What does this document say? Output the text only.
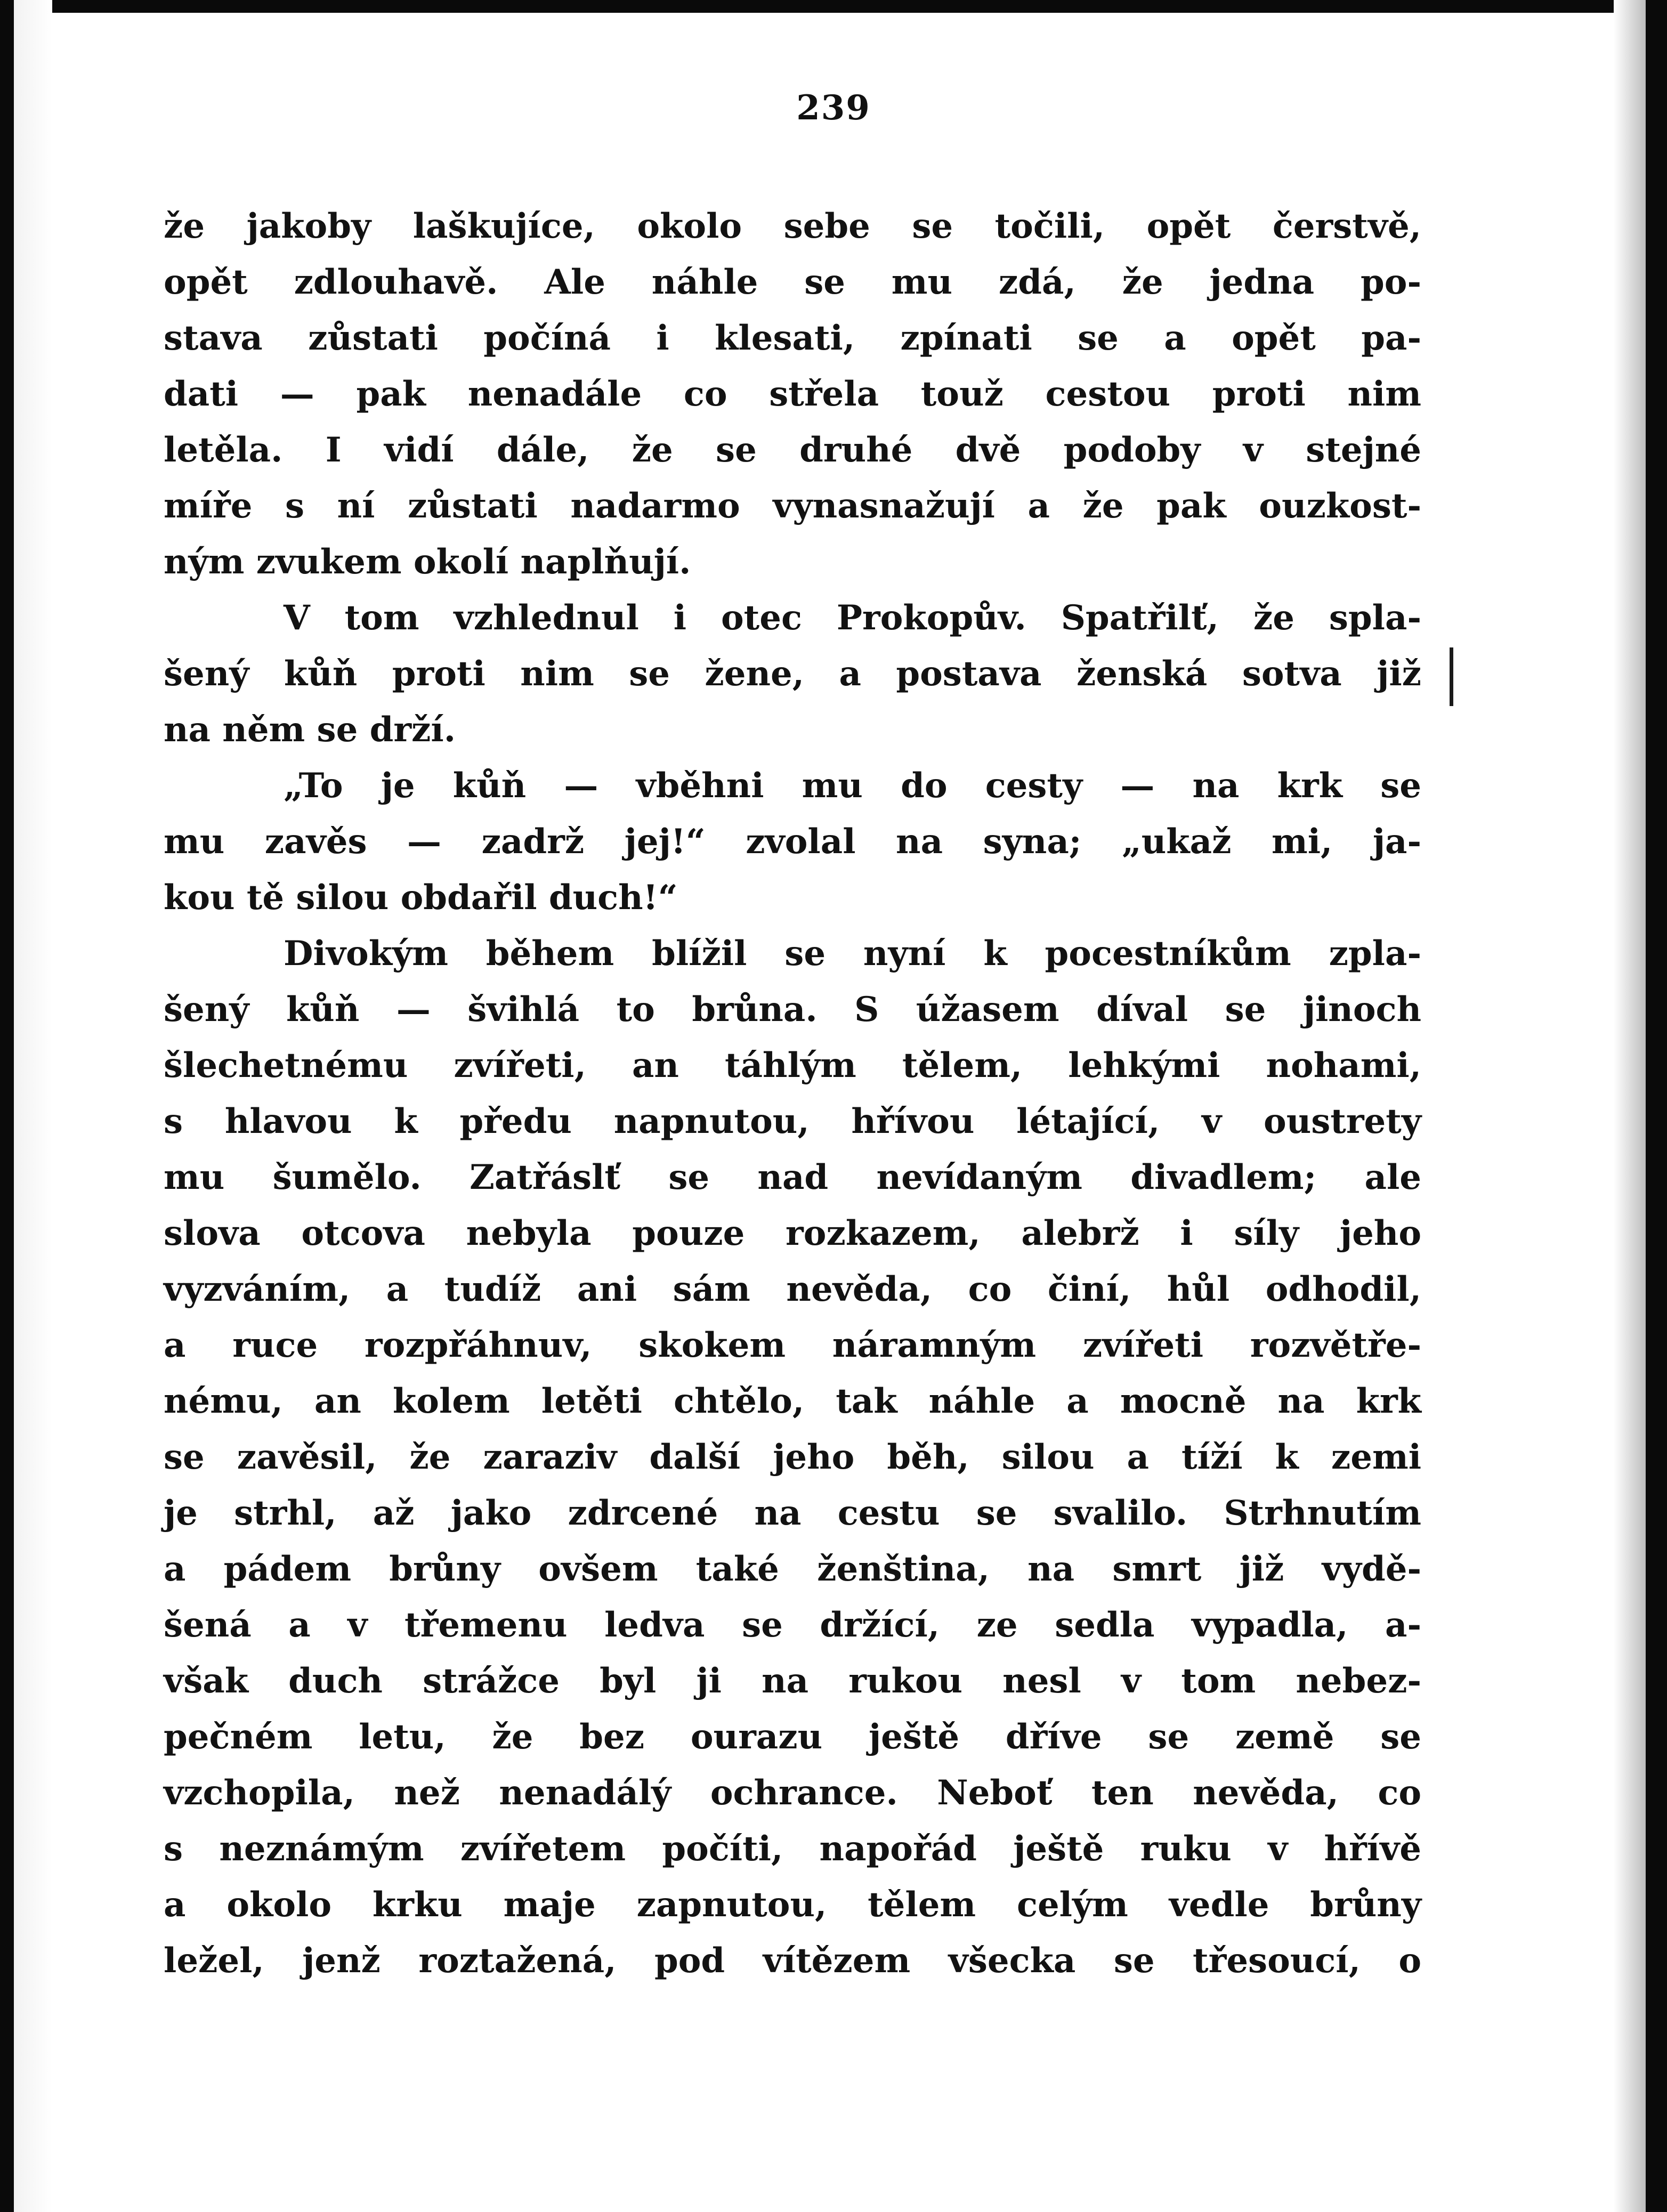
239
že jakoby laškujíce, okolo sebe se točili, opět čerstvě,
opět zdlouhavě. Ale náhle se mu zdá, že jedna po-
stava zůstati počíná i klesati, zpínati se a opět pa-
dati — pak nenadále co střela touž cestou proti nim
letěla. I vidí dále, že se druhé dvě podoby v stejné
míře s ní zůstati nadarmo vynasnažují a že pak ouzkost-
ným zvukem okolí naplňují.
V tom vzhlednul i otec Prokopův. Spatřilť, že spla-
šený kůň proti nim se žene, a postava ženská sotva již
na něm se drží.
„To je kůň — vběhni mu do cesty — na krk se
mu zavěs — zadrž jej!“ zvolal na syna; „ukaž mi, ja-
kou tě silou obdařil duch!“
Divokým během blížil se nyní k pocestníkům zpla-
šený kůň — švihlá to brůna. S úžasem díval se jinoch
šlechetnému zvířeti, an táhlým tělem, lehkými nohami,
s hlavou k předu napnutou, hřívou létající, v oustrety
mu šumělo. Zatřáslť se nad nevídaným divadlem; ale
slova otcova nebyla pouze rozkazem, alebrž i síly jeho
vyzváním, a tudíž ani sám nevěda, co činí, hůl odhodil,
a ruce rozpřáhnuv, skokem náramným zvířeti rozvětře-
nému, an kolem letěti chtělo, tak náhle a mocně na krk
se zavěsil, že zaraziv další jeho běh, silou a tíží k zemi
je strhl, až jako zdrcené na cestu se svalilo. Strhnutím
a pádem brůny ovšem také ženština, na smrt již vydě-
šená a v třemenu ledva se držící, ze sedla vypadla, a-
však duch strážce byl ji na rukou nesl v tom nebez-
pečném letu, že bez ourazu ještě dříve se země se
vzchopila, než nenadálý ochrance. Neboť ten nevěda, co
s neznámým zvířetem počíti, napořád ještě ruku v hřívě
a okolo krku maje zapnutou, tělem celým vedle brůny
ležel, jenž roztažená, pod vítězem všecka se třesoucí, o
